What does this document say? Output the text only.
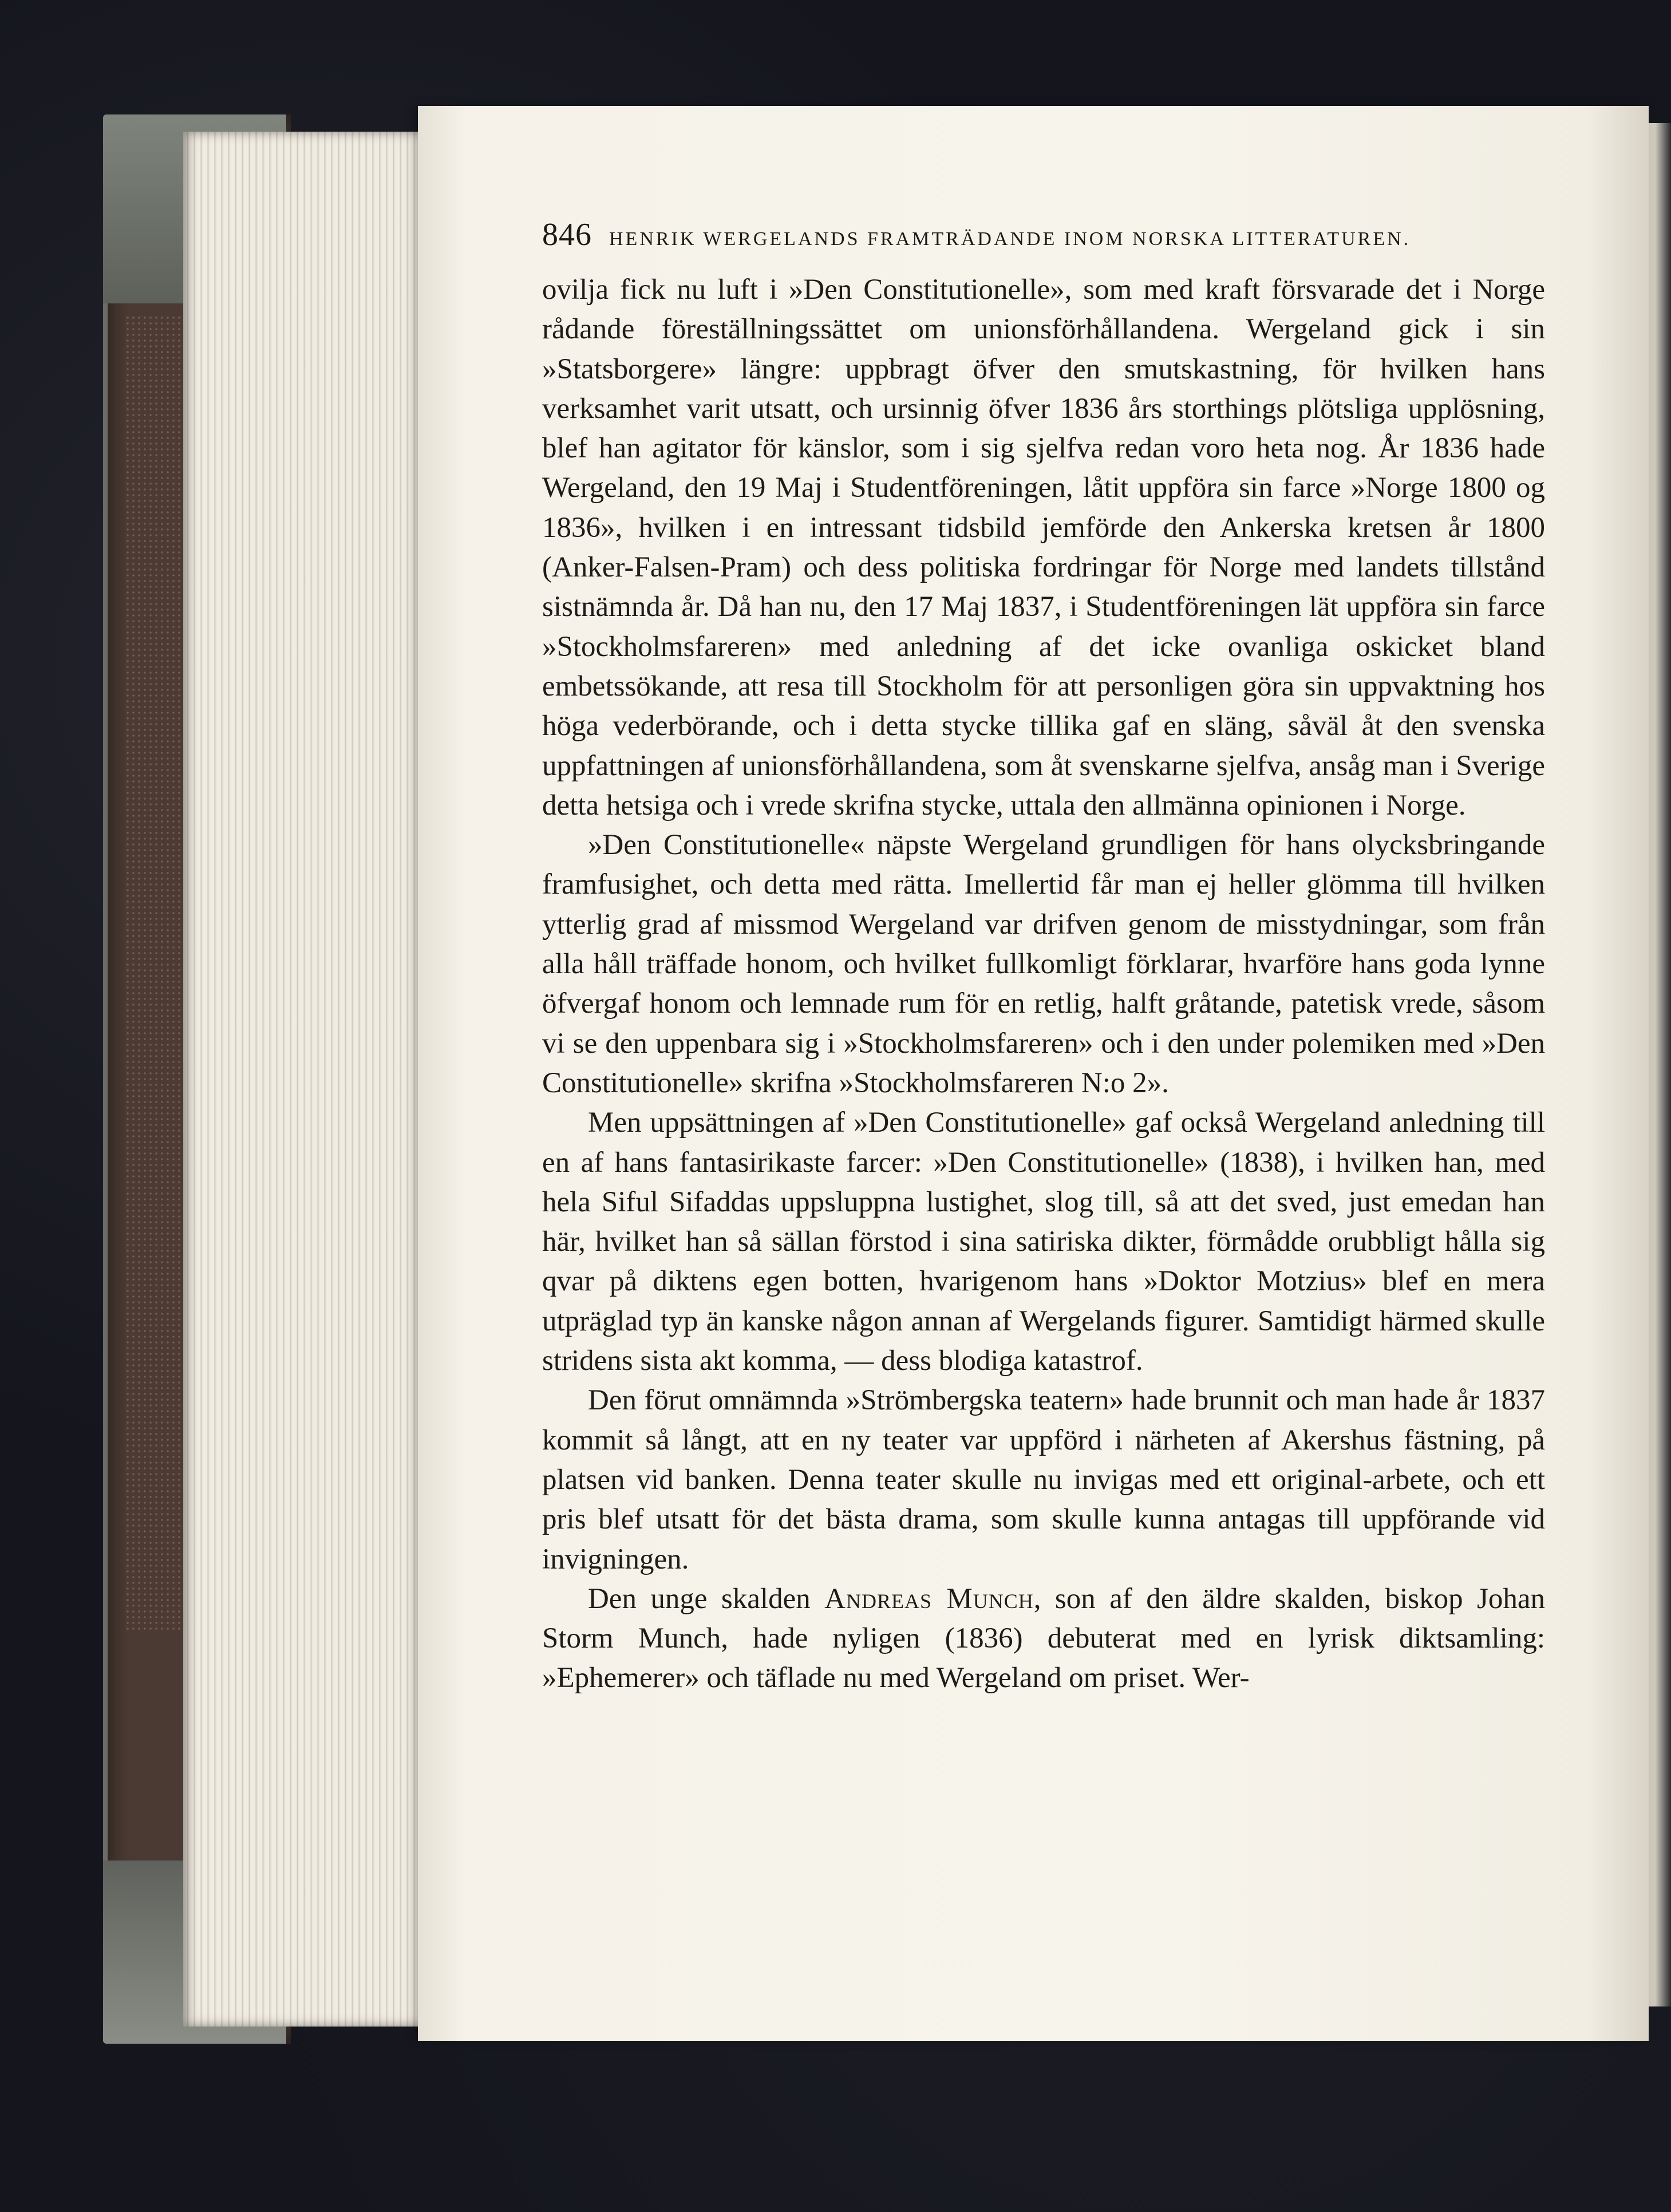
846 HENRIK WERGELANDS FRAMTRÄDANDE INOM NORSKA LITTERATUREN.

ovilja fick nu luft i »Den Constitutionelle», som med kraft försvarade det i Norge rådande föreställningssättet om unionsförhållandena. Wergeland gick i sin »Statsborgere» längre: uppbragt öfver den smutskastning, för hvilken hans verksamhet varit utsatt, och ursinnig öfver 1836 års storthings plötsliga upplösning, blef han agitator för känslor, som i sig sjelfva redan voro heta nog. År 1836 hade Wergeland, den 19 Maj i Studentföreningen, låtit uppföra sin farce »Norge 1800 og 1836», hvilken i en intressant tidsbild jemförde den Ankerska kretsen år 1800 (Anker-Falsen-Pram) och dess politiska fordringar för Norge med landets tillstånd sistnämnda år. Då han nu, den 17 Maj 1837, i Studentföreningen lät uppföra sin farce »Stockholmsfareren» med anledning af det icke ovanliga oskicket bland embetssökande, att resa till Stockholm för att personligen göra sin uppvaktning hos höga vederbörande, och i detta stycke tillika gaf en släng, såväl åt den svenska uppfattningen af unionsförhållandena, som åt svenskarne sjelfva, ansåg man i Sverige detta hetsiga och i vrede skrifna stycke, uttala den allmänna opinionen i Norge.

»Den Constitutionelle« näpste Wergeland grundligen för hans olycksbringande framfusighet, och detta med rätta. Imellertid får man ej heller glömma till hvilken ytterlig grad af missmod Wergeland var drifven genom de misstydningar, som från alla håll träffade honom, och hvilket fullkomligt förklarar, hvarföre hans goda lynne öfvergaf honom och lemnade rum för en retlig, halft gråtande, patetisk vrede, såsom vi se den uppenbara sig i »Stockholmsfareren» och i den under polemiken med »Den Constitutionelle» skrifna »Stockholmsfareren N:o 2».

Men uppsättningen af »Den Constitutionelle» gaf också Wergeland anledning till en af hans fantasirikaste farcer: »Den Constitutionelle» (1838), i hvilken han, med hela Siful Sifaddas uppsluppna lustighet, slog till, så att det sved, just emedan han här, hvilket han så sällan förstod i sina satiriska dikter, förmådde orubbligt hålla sig qvar på diktens egen botten, hvarigenom hans »Doktor Motzius» blef en mera utpräglad typ än kanske någon annan af Wergelands figurer. Samtidigt härmed skulle stridens sista akt komma, — dess blodiga katastrof.

Den förut omnämnda »Strömbergska teatern» hade brunnit och man hade år 1837 kommit så långt, att en ny teater var uppförd i närheten af Akershus fästning, på platsen vid banken. Denna teater skulle nu invigas med ett original-arbete, och ett pris blef utsatt för det bästa drama, som skulle kunna antagas till uppförande vid invigningen.

Den unge skalden Andreas Munch, son af den äldre skalden, biskop Johan Storm Munch, hade nyligen (1836) debuterat med en lyrisk diktsamling: »Ephemerer» och täflade nu med Wergeland om priset. Wer-
